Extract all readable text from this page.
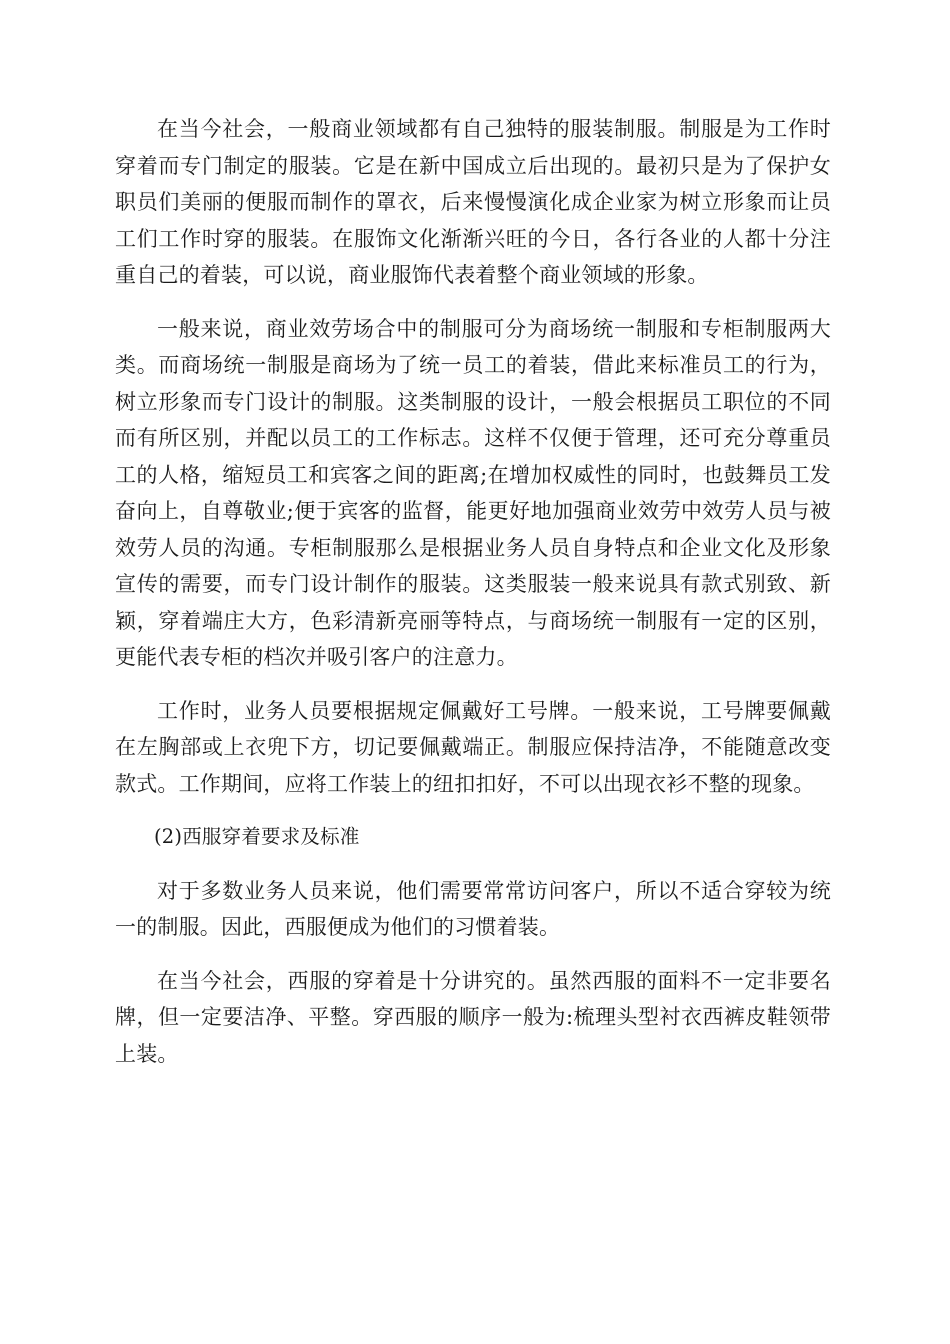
在当今社会，一般商业领域都有自己独特的服装制服。制服是为工作时穿着而专门制定的服装。它是在新中国成立后出现的。最初只是为了保护女职员们美丽的便服而制作的罩衣，后来慢慢演化成企业家为树立形象而让员工们工作时穿的服装。在服饰文化渐渐兴旺的今日，各行各业的人都十分注重自己的着装，可以说，商业服饰代表着整个商业领域的形象。

一般来说，商业效劳场合中的制服可分为商场统一制服和专柜制服两大类。而商场统一制服是商场为了统一员工的着装，借此来标准员工的行为，树立形象而专门设计的制服。这类制服的设计，一般会根据员工职位的不同而有所区别，并配以员工的工作标志。这样不仅便于管理，还可充分尊重员工的人格，缩短员工和宾客之间的距离;在增加权威性的同时，也鼓舞员工发奋向上，自尊敬业;便于宾客的监督，能更好地加强商业效劳中效劳人员与被效劳人员的沟通。专柜制服那么是根据业务人员自身特点和企业文化及形象宣传的需要，而专门设计制作的服装。这类服装一般来说具有款式别致、新颖，穿着端庄大方，色彩清新亮丽等特点，与商场统一制服有一定的区别，更能代表专柜的档次并吸引客户的注意力。

工作时，业务人员要根据规定佩戴好工号牌。一般来说，工号牌要佩戴在左胸部或上衣兜下方，切记要佩戴端正。制服应保持洁净，不能随意改变款式。工作期间，应将工作装上的纽扣扣好，不可以出现衣衫不整的现象。

(2)西服穿着要求及标准

对于多数业务人员来说，他们需要常常访问客户，所以不适合穿较为统一的制服。因此，西服便成为他们的习惯着装。

在当今社会，西服的穿着是十分讲究的。虽然西服的面料不一定非要名牌，但一定要洁净、平整。穿西服的顺序一般为:梳理头型衬衣西裤皮鞋领带上装。
